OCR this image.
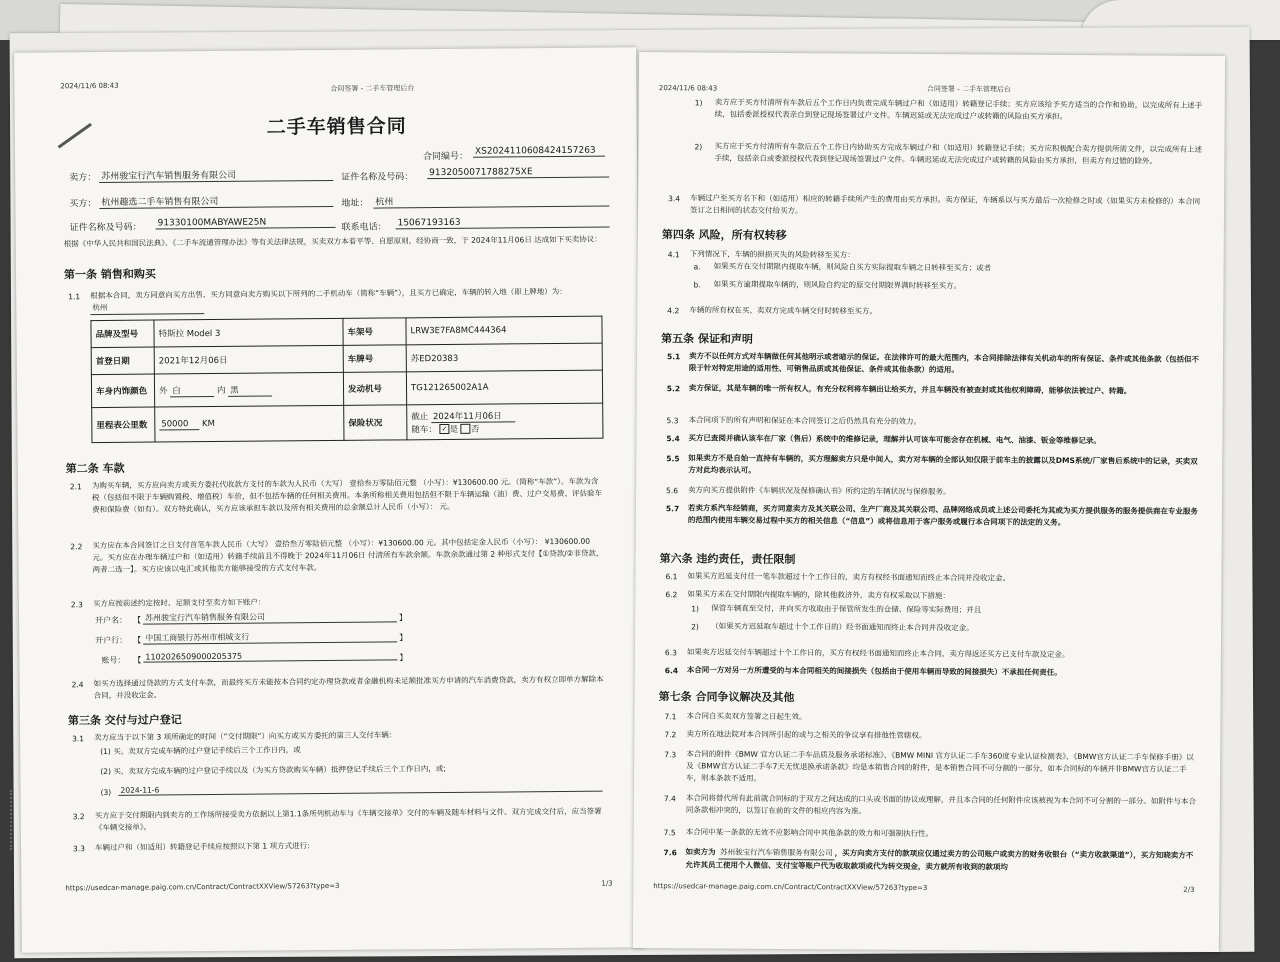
2024/11/6 08:43	合同签署 - 二手车管理后台
二手车销售合同
合同编号：
XS2024110608424157263
卖方： 苏州骏宝行汽车销售服务有限公司	证件名称及号码： 9132050071788275XE
买方： 杭州趣选二手车销售有限公司	地址： 杭州
证件名称及号码： 91330100MABYAWE25N	联系电话： 15067193163
根据《中华人民共和国民法典》、《二手车流通管理办法》等有关法律法规，买卖双方本着平等、自愿原则，经协商一致，于 2024年11月06日 达成如下买卖协议：
第一条 销售和购买
1.1 根据本合同，卖方同意向买方出售、买方同意向卖方购买以下所列的二手机动车（简称“车辆”），且买方已确定，车辆的转入地（即上牌地）为： 杭州
品牌及型号	特斯拉 Model 3	车架号	LRW3E7FA8MC444364
首登日期	2021年12月06日	车牌号	苏ED20383
车身内饰颜色	外 白 内 黑	发动机号	TG121265002A1A
里程表公里数	50000 KM	保险状况	截止 2024年11月06日
随车： ✓ 是 否
第二条 车款
2.1 为购买车辆，买方应向卖方或卖方委托代收款方支付的车款为人民币（大写） 壹拾叁万零陆佰元整 （小写）：¥130600.00 元。（简称“车款”）。车款为含税（包括但不限于车辆购置税、增值税）车价，但不包括车辆的任何相关费用。本条所称相关费用包括但不限于车辆运输（油）费、过户交易费、评估验车费和保险费（如有）。双方特此确认，买方应该承担车款以及所有相关费用的总金额总计人民币（小写）： 元。
2.2 买方应在本合同签订之日支付首笔车款人民币（大写） 壹拾叁万零陆佰元整 （小写）：¥130600.00 元。其中包括定金人民币（小写）： ¥130600.00 元。买方应在办理车辆过户和（如适用）转籍手续前且不得晚于 2024年11月06日 付清所有车款余额。车款余款通过第 2 种形式支付【①贷款/②非贷款，两者二选一】。买方应该以电汇或其他卖方能够接受的方式支付车款。
2.3 买方应按前述约定按时、足额支付至卖方如下账户：
开户名： 【 苏州骏宝行汽车销售服务有限公司	】
开户行： 【 中国工商银行苏州市相城支行	】
账号： 【 1102026509000205375	】
2.4 如买方选择通过贷款的方式支付车款，而最终买方未能按本合同约定办理贷款或者金融机构未足额批准买方申请的汽车消费贷款，卖方有权立即单方解除本合同，并没收定金。
第三条 交付与过户登记
3.1 卖方应当于以下第 3 项所确定的时间（“交付期限”）向买方或买方委托的第三人交付车辆：
(1) 买、卖双方完成车辆的过户登记手续后三个工作日内，或
(2) 买、卖双方完成车辆的过户登记手续以及（为买方贷款购买车辆）抵押登记手续后三个工作日内，或;
(3) 2024-11-6
3.2 买方应于交付期限内到卖方的工作场所接受卖方依据以上第1.1条所列机动车与《车辆交接单》交付的车辆及随车材料与文件。双方完成交付后，应当签署《车辆交接单》。
3.3 车辆过户和（如适用）转籍登记手续应按照以下第 1 项方式进行:
https://usedcar-manage.paig.com.cn/Contract/ContractXXView/57263?type=3	1/3
2024/11/6 08:43	合同签署 - 二手车管理后台
1) 卖方应于买方付清所有车款后五个工作日内负责完成车辆过户和（如适用）转籍登记手续；买方应该给予买方适当的合作和协助，以完成所有上述手续，包括委派授权代表亲自到登记现场签署过户文件。车辆迟延或无法完成过户或转籍的风险由买方承担。
2) 买方应于买方付清所有车款后五个工作日内协助买方完成车辆过户和（如适用）转籍登记手续；买方应积极配合卖方提供所需文件，以完成所有上述手续，包括亲自或委派授权代表到登记现场签署过户文件。车辆迟延或无法完成过户或转籍的风险由买方承担，但卖方有过错的除外。
3.4 车辆过户至买方名下和（如适用）相应的转籍手续所产生的费用由买方承担。卖方保证，车辆系以与买方最后一次检修之时或（如果买方未检修的）本合同签订之日相同的状态交付给买方。
第四条 风险，所有权转移
4.1 下列情况下，车辆的损损灭失的风险转移至买方：
a. 如果买方在交付期限内提取车辆，则风险自买方实际提取车辆之日转移至买方；或者
b. 如果买方逾期提取车辆的，则风险自约定的原交付期限界满时转移至买方。
4.2 车辆的所有权在买、卖双方完成车辆交付时转移至买方。
第五条 保证和声明
5.1 卖方不以任何方式对车辆做任何其他明示或者暗示的保证。在法律许可的最大范围内，本合同排除法律有关机动车的所有保证、条件或其他条款（包括但不限于针对特定用途的适用性、可销售品质或其他保证、条件或其他条款）的适用。
5.2 卖方保证，其是车辆的唯一所有权人，有充分权利将车辆出让给买方，并且车辆没有被查封或其他权利障碍，能够依法被过户、转籍。
5.3 本合同项下的所有声明和保证在本合同签订之后仍然具有充分的效力。
5.4 买方已查阅并确认该车在厂家（售后）系统中的维修记录，理解并认可该车可能会存在机械、电气、油漆、钣金等维修记录。
5.5 如果卖方不是自始一直持有车辆的，买方理解卖方只是中间人，卖方对车辆的全部认知仅限于前车主的披露以及DMS系统/厂家售后系统中的记录，买卖双方对此均表示认可。
5.6 卖方向买方提供附件《车辆状况及保修确认书》所约定的车辆状况与保修服务。
5.7 若卖方系汽车经销商，买方同意卖方及其关联公司、生产厂商及其关联公司、品牌网络成员或上述公司委托为其或为买方提供服务的服务提供商在专业服务的范围内使用车辆交易过程中买方的相关信息（“信息”）或将信息用于客户服务或履行本合同项下的法定的义务。
第六条 违约责任，责任限制
6.1 如果买方迟延支付任一笔车款超过十个工作日的，卖方有权经书面通知而终止本合同并没收定金。
6.2 如果买方未在交付期限内提取车辆的，除其他救济外，卖方有权采取以下措施：
1) 保管车辆直至交付，并向买方收取由于保管所发生的仓储、保险等实际费用；并且
2) （如果买方迟延取车超过十个工作日的）经书面通知而终止本合同并没收定金。
6.3 如果卖方迟延交付车辆超过十个工作日的，买方有权经书面通知而终止本合同，卖方得返还买方已支付车款及定金。
6.4 本合同一方对另一方所遭受的与本合同相关的间接损失（包括由于使用车辆而导致的间接损失）不承担任何责任。
第七条 合同争议解决及其他
7.1 本合同自买卖双方签署之日起生效。
7.2 卖方所在地法院对本合同所引起的或与之相关的争议享有排他性管辖权。
7.3 本合同的附件《BMW 官方认证二手车品质及服务承诺标准》、《BMW MINI 官方认证二手车360度专业认证检测表》、《BMW官方认证二手车保修手册》以及《BMW官方认证二手车7天无忧退换承诺条款》均是本销售合同的附件，是本销售合同不可分割的一部分，如本合同标的车辆并非BMW官方认证二手车，则本条款不适用。
7.4 本合同将替代所有此前就合同标的于双方之间达成的口头或书面的协议或理解，并且本合同的任何附件应该被视为本合同不可分割的一部分。如附件与本合同条款相冲突的，以签订在前的文件的相应内容为准。
7.5 本合同中某一条款的无效不应影响合同中其他条款的效力和可强制执行性。
7.6 如卖方为 苏州骏宝行汽车销售服务有限公司 ，买方向卖方支付的款项应仅通过卖方的公司账户或卖方的财务收银台（“卖方收款渠道”），买方知晓卖方不允许其员工使用个人微信、支付宝等账户代为收取款项或代为转交现金，卖方就所有收到的款项均
https://usedcar-manage.paig.com.cn/Contract/ContractXXView/57263?type=3	2/3
